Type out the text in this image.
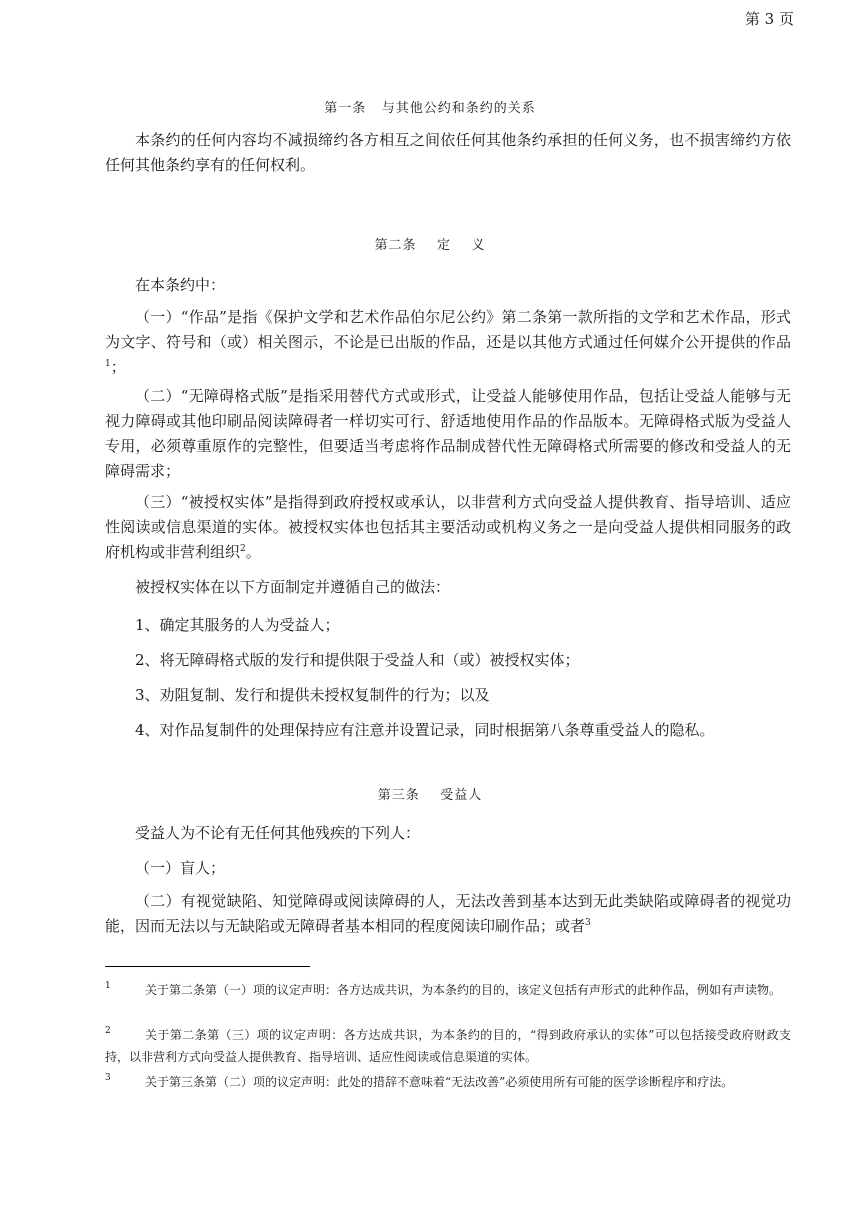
第 3 页
第一条   与其他公约和条约的关系

本条约的任何内容均不减损缔约各方相互之间依任何其他条约承担的任何义务，也不损害缔约方依任何其他条约享有的任何权利。

第二条    定    义

在本条约中：

（一）“作品”是指《保护文学和艺术作品伯尔尼公约》第二条第一款所指的文学和艺术作品，形式为文字、符号和（或）相关图示，不论是已出版的作品，还是以其他方式通过任何媒介公开提供的作品$^1$；

（二）“无障碍格式版”是指采用替代方式或形式，让受益人能够使用作品，包括让受益人能够与无视力障碍或其他印刷品阅读障碍者一样切实可行、舒适地使用作品的作品版本。无障碍格式版为受益人专用，必须尊重原作的完整性，但要适当考虑将作品制成替代性无障碍格式所需要的修改和受益人的无障碍需求；

（三）“被授权实体”是指得到政府授权或承认，以非营利方式向受益人提供教育、指导培训、适应性阅读或信息渠道的实体。被授权实体也包括其主要活动或机构义务之一是向受益人提供相同服务的政府机构或非营利组织$^2$。

被授权实体在以下方面制定并遵循自己的做法：

1、确定其服务的人为受益人；

2、将无障碍格式版的发行和提供限于受益人和（或）被授权实体；

3、劝阻复制、发行和提供未授权复制件的行为；以及

4、对作品复制件的处理保持应有注意并设置记录，同时根据第八条尊重受益人的隐私。

第三条    受益人

受益人为不论有无任何其他残疾的下列人：

（一）盲人；

（二）有视觉缺陷、知觉障碍或阅读障碍的人，无法改善到基本达到无此类缺陷或障碍者的视觉功能，因而无法以与无缺陷或无障碍者基本相同的程度阅读印刷作品；或者$^3$

1	关于第二条第（一）项的议定声明：各方达成共识，为本条约的目的，该定义包括有声形式的此种作品，例如有声读物。
2	关于第二条第（三）项的议定声明：各方达成共识，为本条约的目的，“得到政府承认的实体”可以包括接受政府财政支持，以非营利方式向受益人提供教育、指导培训、适应性阅读或信息渠道的实体。
3	关于第三条第（二）项的议定声明：此处的措辞不意味着“无法改善”必须使用所有可能的医学诊断程序和疗法。
